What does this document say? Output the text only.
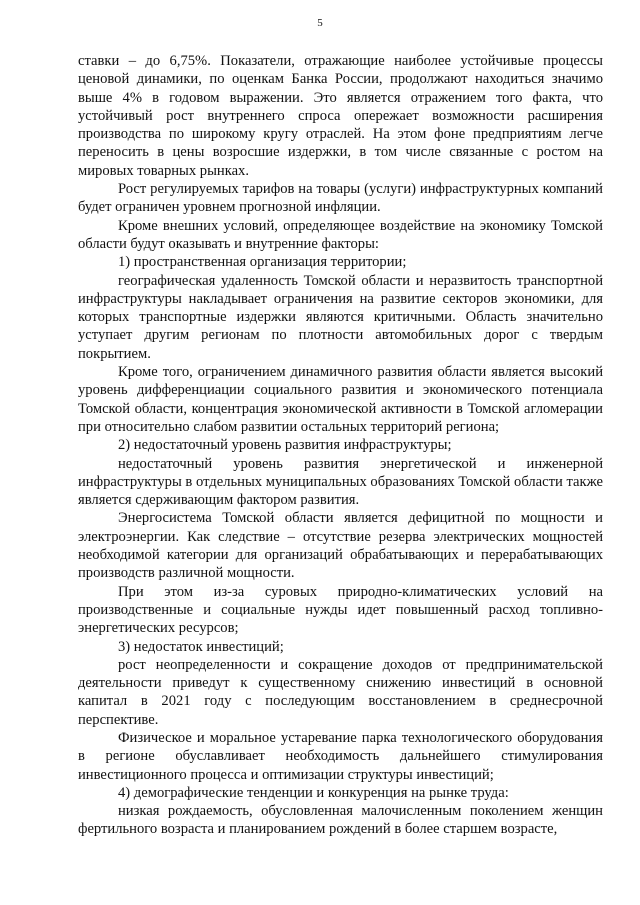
5

ставки – до 6,75%. Показатели, отражающие наиболее устойчивые процессы ценовой динамики, по оценкам Банка России, продолжают находиться значимо выше 4% в годовом выражении. Это является отражением того факта, что устойчивый рост внутреннего спроса опережает возможности расширения производства по широкому кругу отраслей. На этом фоне предприятиям легче переносить в цены возросшие издержки, в том числе связанные с ростом на мировых товарных рынках.

Рост регулируемых тарифов на товары (услуги) инфраструктурных компаний будет ограничен уровнем прогнозной инфляции.

Кроме внешних условий, определяющее воздействие на экономику Томской области будут оказывать и внутренние факторы:

1) пространственная организация территории;

географическая удаленность Томской области и неразвитость транспортной инфраструктуры накладывает ограничения на развитие секторов экономики, для которых транспортные издержки являются критичными. Область значительно уступает другим регионам по плотности автомобильных дорог с твердым покрытием.

Кроме того, ограничением динамичного развития области является высокий уровень дифференциации социального развития и экономического потенциала Томской области, концентрация экономической активности в Томской агломерации при относительно слабом развитии остальных территорий региона;

2) недостаточный уровень развития инфраструктуры;

недостаточный уровень развития энергетической и инженерной инфраструктуры в отдельных муниципальных образованиях Томской области также является сдерживающим фактором развития.

Энергосистема Томской области является дефицитной по мощности и электроэнергии. Как следствие – отсутствие резерва электрических мощностей необходимой категории для организаций обрабатывающих и перерабатывающих производств различной мощности.

При этом из-за суровых природно-климатических условий на производственные и социальные нужды идет повышенный расход топливно-энергетических ресурсов;

3) недостаток инвестиций;

рост неопределенности и сокращение доходов от предпринимательской деятельности приведут к существенному снижению инвестиций в основной капитал в 2021 году с последующим восстановлением в среднесрочной перспективе.

Физическое и моральное устаревание парка технологического оборудования в регионе обуславливает необходимость дальнейшего стимулирования инвестиционного процесса и оптимизации структуры инвестиций;

4) демографические тенденции и конкуренция на рынке труда:

низкая рождаемость, обусловленная малочисленным поколением женщин фертильного возраста и планированием рождений в более старшем возрасте,
